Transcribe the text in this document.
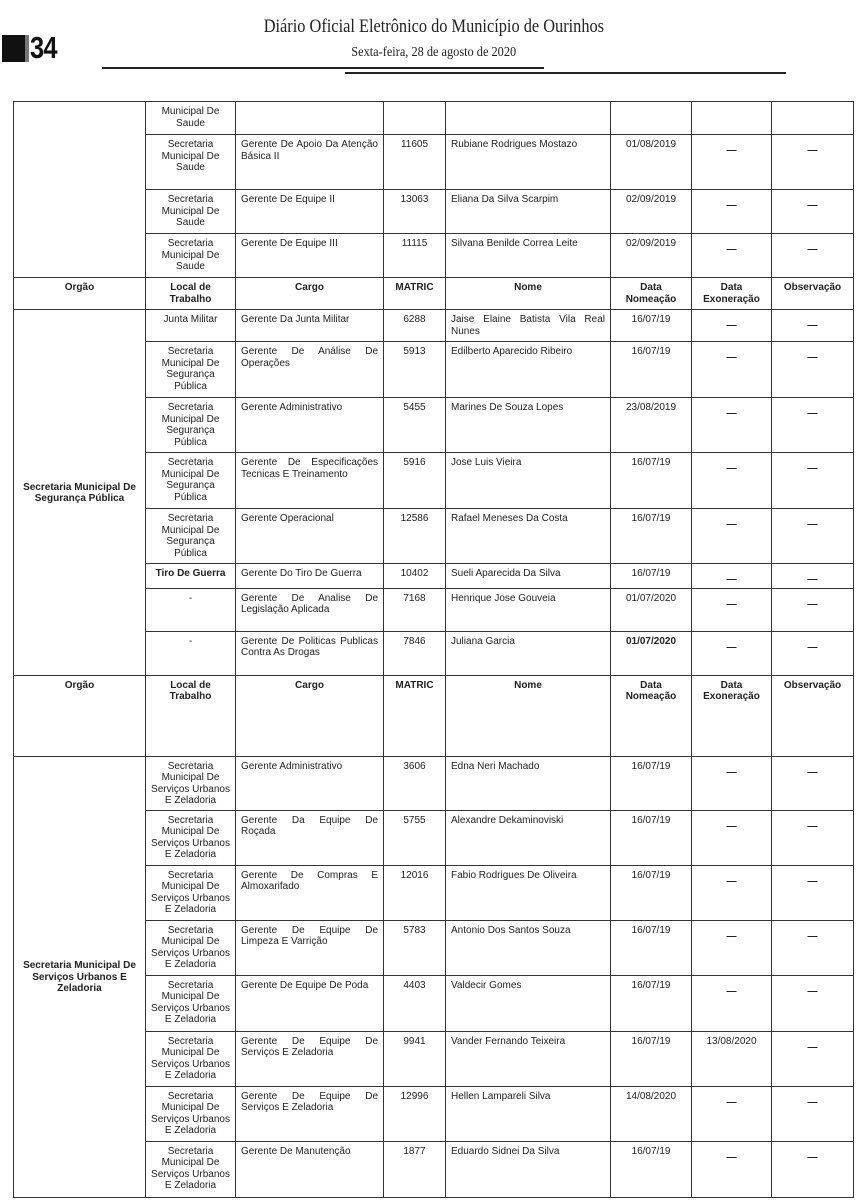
34
Diário Oficial Eletrônico do Município de Ourinhos
Sexta-feira, 28 de agosto de 2020
	Municipal De Saude						
	Secretaria Municipal De Saude	Gerente De Apoio Da Atenção Básica II	11605	Rubiane Rodrigues Mostazo	01/08/2019	—	—
	Secretaria Municipal De Saude	Gerente De Equipe II	13063	Eliana Da Silva Scarpim	02/09/2019	—	—
	Secretaria Municipal De Saude	Gerente De Equipe III	11115	Silvana Benilde Correa Leite	02/09/2019	—	—
Orgão	Local de Trabalho	Cargo	MATRIC	Nome	Data Nomeação	Data Exoneração	Observação
Secretaria Municipal De Segurança Pública	Junta Militar	Gerente Da Junta Militar	6288	Jaise Elaine Batista Vila Real Nunes	16/07/19	—	—
	Secretaria Municipal De Segurança Pública	Gerente De Análise De Operações	5913	Edilberto Aparecido Ribeiro	16/07/19	—	—
	Secretaria Municipal De Segurança Pública	Gerente Administrativo	5455	Marines De Souza Lopes	23/08/2019	—	—
	Secretaria Municipal De Segurança Pública	Gerente De Especificações Tecnicas E Treinamento	5916	Jose Luis Vieira	16/07/19	—	—
	Secretaria Municipal De Segurança Pública	Gerente Operacional	12586	Rafael Meneses Da Costa	16/07/19	—	—
	Tiro De Guerra	Gerente Do Tiro De Guerra	10402	Sueli Aparecida Da Silva	16/07/19	—	—
	-	Gerente De Analise De Legislação Aplicada	7168	Henrique Jose Gouveia	01/07/2020	—	—
	-	Gerente De Politicas Publicas Contra As Drogas	7846	Juliana Garcia	01/07/2020	—	—
Orgão	Local de Trabalho	Cargo	MATRIC	Nome	Data Nomeação	Data Exoneração	Observação
Secretaria Municipal De Serviços Urbanos E Zeladoria	Secretaria Municipal De Serviços Urbanos E Zeladoria	Gerente Administrativo	3606	Edna Neri Machado	16/07/19	—	—
	Secretaria Municipal De Serviços Urbanos E Zeladoria	Gerente Da Equipe De Roçada	5755	Alexandre Dekaminoviski	16/07/19	—	—
	Secretaria Municipal De Serviços Urbanos E Zeladoria	Gerente De Compras E Almoxarifado	12016	Fabio Rodrigues De Oliveira	16/07/19	—	—
	Secretaria Municipal De Serviços Urbanos E Zeladoria	Gerente De Equipe De Limpeza E Varrição	5783	Antonio Dos Santos Souza	16/07/19	—	—
	Secretaria Municipal De Serviços Urbanos E Zeladoria	Gerente De Equipe De Poda	4403	Valdecir Gomes	16/07/19	—	—
	Secretaria Municipal De Serviços Urbanos E Zeladoria	Gerente De Equipe De Serviços E Zeladoria	9941	Vander Fernando Teixeira	16/07/19	13/08/2020	—
	Secretaria Municipal De Serviços Urbanos E Zeladoria	Gerente De Equipe De Serviços E Zeladoria	12996	Hellen Lampareli Silva	14/08/2020	—	—
	Secretaria Municipal De Serviços Urbanos E Zeladoria	Gerente De Manutenção	1877	Eduardo Sidnei Da Silva	16/07/19	—	—
